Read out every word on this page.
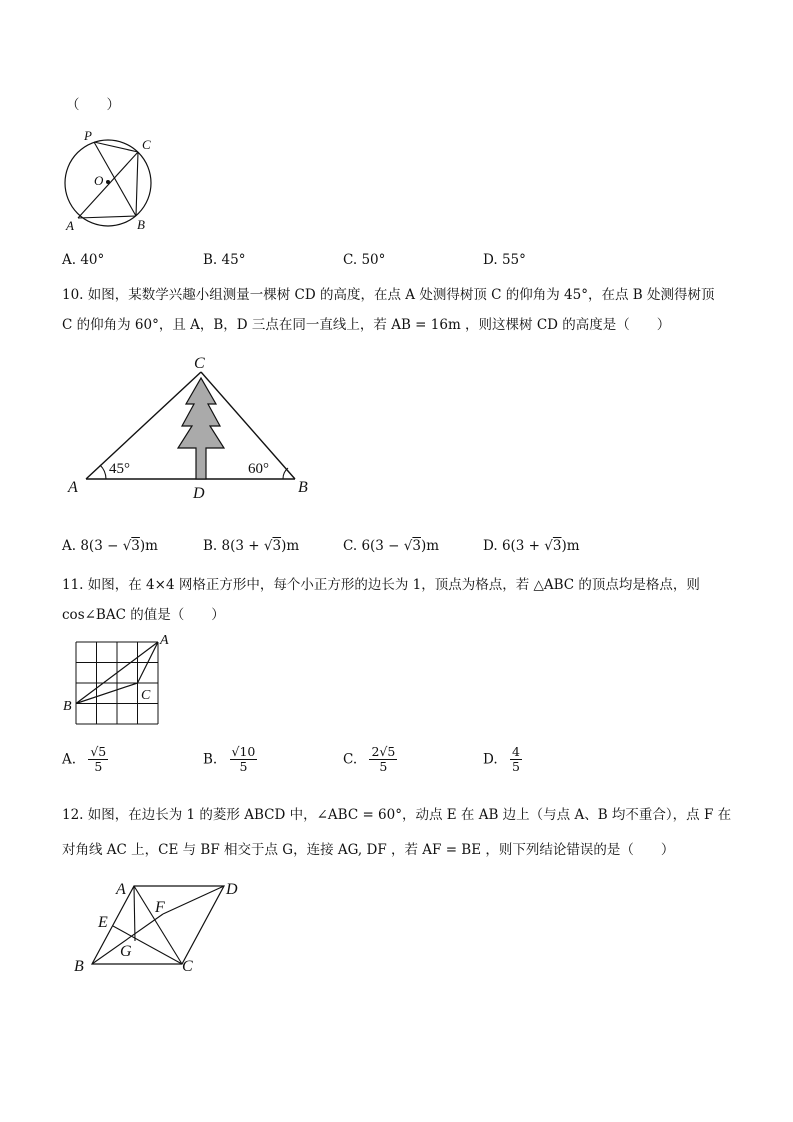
（　　）
P
C
O
A	B
A. 40°	B. 45°	C. 50°	D. 55°
10. 如图，某数学兴趣小组测量一棵树 CD 的高度，在点 A 处测得树顶 C 的仰角为 45°，在点 B 处测得树顶
C 的仰角为 60°，且 A，B，D 三点在同一直线上，若 AB = 16m ，则这棵树 CD 的高度是（　　）
C
A	B
D
45°	60°
A. 8(3 − √3)m	B. 8(3 + √3)m	C. 6(3 − √3)m	D. 6(3 + √3)m
11. 如图，在 4×4 网格正方形中，每个小正方形的边长为 1，顶点为格点，若 △ABC 的顶点均是格点，则
cos∠BAC 的值是（　　）
A
B
C
A. $\frac{√5}{5}$	B. $\frac{√10}{5}$	C. $\frac{2√5}{5}$	D. $\frac{4}{5}$
12. 如图，在边长为 1 的菱形 ABCD 中，∠ABC = 60°，动点 E 在 AB 边上（与点 A、B 均不重合），点 F 在
对角线 AC 上，CE 与 BF 相交于点 G，连接 AG, DF ，若 AF = BE ，则下列结论错误的是（　　）
A	D
B	C
E
F
G
